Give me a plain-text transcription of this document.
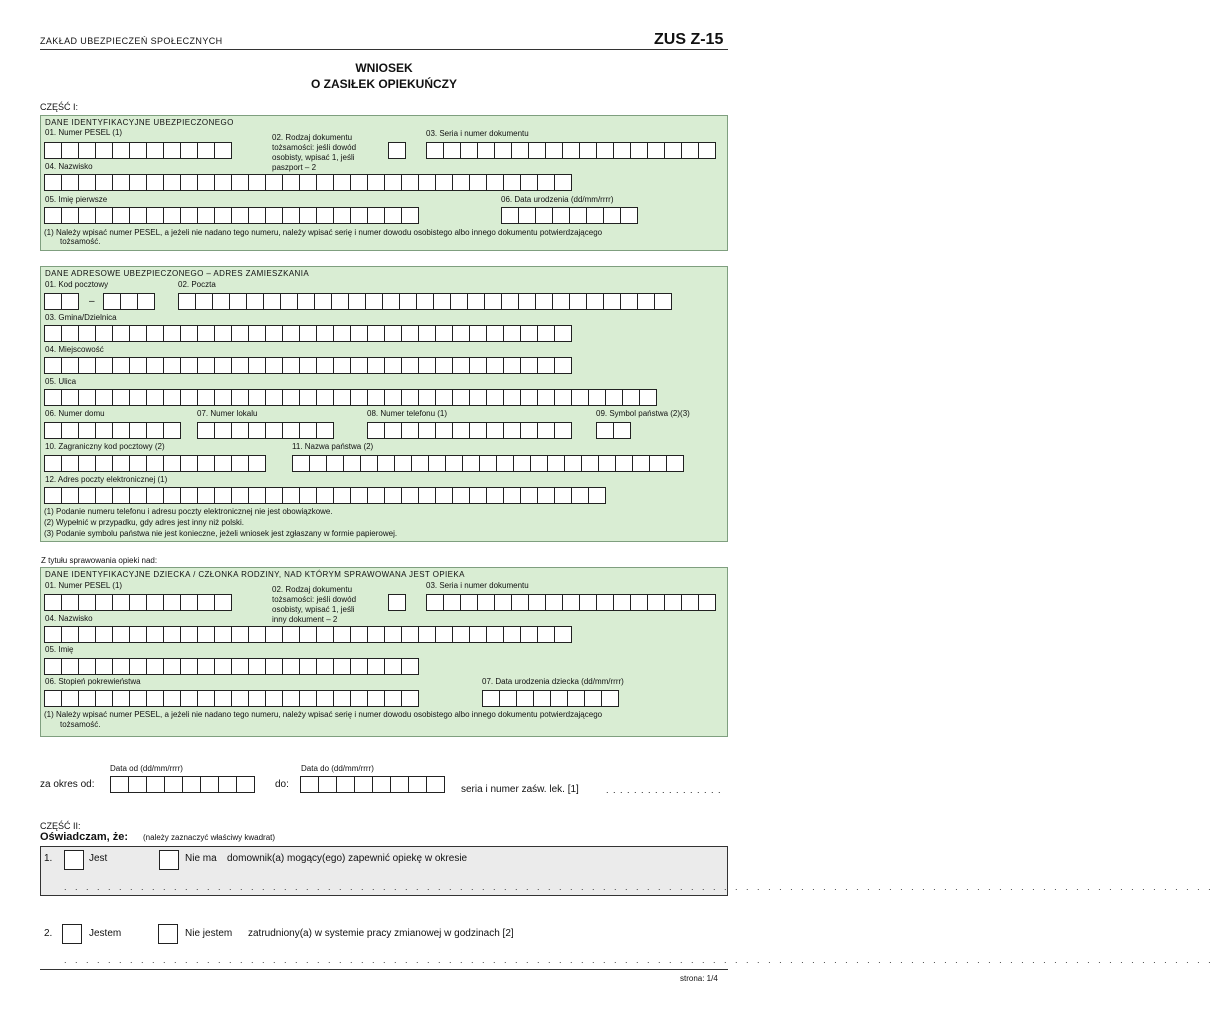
ZAKŁAD UBEZPIECZEŃ SPOŁECZNYCH	ZUS Z-15
WNIOSEK
O ZASIŁEK OPIEKUŃCZY
CZĘŚĆ I:
DANE IDENTYFIKACYJNE UBEZPIECZONEGO
01. Numer PESEL (1)
02. Rodzaj dokumentu
tożsamości: jeśli dowód
osobisty, wpisać 1, jeśli
paszport – 2
03. Seria i numer dokumentu
04. Nazwisko
05. Imię pierwsze	06. Data urodzenia (dd/mm/rrrr)
(1) Należy wpisać numer PESEL, a jeżeli nie nadano tego numeru, należy wpisać serię i numer dowodu osobistego albo innego dokumentu potwierdzającego
tożsamość.
DANE ADRESOWE UBEZPIECZONEGO – ADRES ZAMIESZKANIA
01. Kod pocztowy
–
02. Poczta
03. Gmina/Dzielnica
04. Miejscowość
05. Ulica
06. Numer domu	07. Numer lokalu	08. Numer telefonu (1)	09. Symbol państwa (2)(3)
10. Zagraniczny kod pocztowy (2)	11. Nazwa państwa (2)
12. Adres poczty elektronicznej (1)
(1) Podanie numeru telefonu i adresu poczty elektronicznej nie jest obowiązkowe.
(2) Wypełnić w przypadku, gdy adres jest inny niż polski.
(3) Podanie symbolu państwa nie jest konieczne, jeżeli wniosek jest zgłaszany w formie papierowej.
Z tytułu sprawowania opieki nad:
DANE IDENTYFIKACYJNE DZIECKA / CZŁONKA RODZINY, NAD KTÓRYM SPRAWOWANA JEST OPIEKA
01. Numer PESEL (1)	02. Rodzaj dokumentu
tożsamości: jeśli dowód
osobisty, wpisać 1, jeśli
inny dokument – 2
03. Seria i numer dokumentu
04. Nazwisko
05. Imię
06. Stopień pokrewieństwa	07. Data urodzenia dziecka (dd/mm/rrrr)
(1) Należy wpisać numer PESEL, a jeżeli nie nadano tego numeru, należy wpisać serię i numer dowodu osobistego albo innego dokumentu potwierdzającego
tożsamość.
Data od (dd/mm/rrrr)	Data do (dd/mm/rrrr)
za okres od:	do:	seria i numer zaśw. lek. [1]	. . . . . . . . . . . . . . . . .
CZĘŚĆ II:
Oświadczam, że: (należy zaznaczyć właściwy kwadrat)
1.	Jest	Nie ma domownik(a) mogący(ego) zapewnić opiekę w okresie
. . . . . . . . . . . . . . . . . . . . . . . . . . . . . . . . . . . . . . . . . . . . . . . . . . . . . . . . . . . . . . . . . . . . . . . . . . . . . . . . . . . . . . . . . . . . . . . . . . . . . . . . .
2.	Jestem	Nie jestem zatrudniony(a) w systemie pracy zmianowej w godzinach [2]
. . . . . . . . . . . . . . . . . . . . . . . . . . . . . . . . . . . . . . . . . . . . . . . . . . . . . . . . . . . . . . . . . . . . . . . . . . . . . . . . . . . . . . . . . . . . . . . . . . . . . . . . .
strona: 1/4
